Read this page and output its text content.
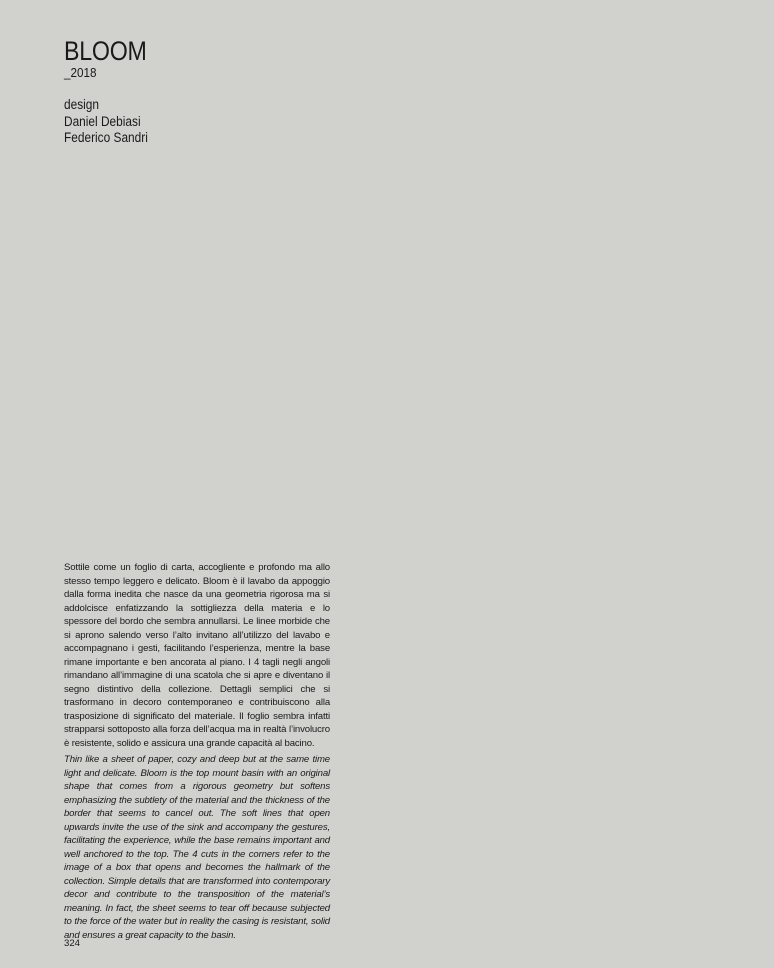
BLOOM
_2018
design
Daniel Debiasi
Federico Sandri
Sottile come un foglio di carta, accogliente e profondo ma allo stesso tempo leggero e delicato. Bloom è il lavabo da appoggio dalla forma inedita che nasce da una geometria rigorosa ma si addolcisce enfatizzando la sottigliezza della materia e lo spessore del bordo che sembra annullarsi. Le linee morbide che si aprono salendo verso l’alto invitano all’utilizzo del lavabo e accompagnano i gesti, facilitando l’esperienza, mentre la base rimane importante e ben ancorata al piano. I 4 tagli negli angoli rimandano all’immagine di una scatola che si apre e diventano il segno distintivo della collezione. Dettagli semplici che si trasformano in decoro contemporaneo e contribuiscono alla trasposizione di significato del materiale. Il foglio sembra infatti strapparsi sottoposto alla forza dell’acqua ma in realtà l’involucro è resistente, solido e assicura una grande capacità al bacino.
Thin like a sheet of paper, cozy and deep but at the same time light and delicate. Bloom is the top mount basin with an original shape that comes from a rigorous geometry but softens emphasizing the subtlety of the material and the thickness of the border that seems to cancel out. The soft lines that open upwards invite the use of the sink and accompany the gestures, facilitating the experience, while the base remains important and well anchored to the top. The 4 cuts in the corners refer to the image of a box that opens and becomes the hallmark of the collection. Simple details that are transformed into contemporary decor and contribute to the transposition of the material’s meaning. In fact, the sheet seems to tear off because subjected to the force of the water but in reality the casing is resistant, solid and ensures a great capacity to the basin.
324
